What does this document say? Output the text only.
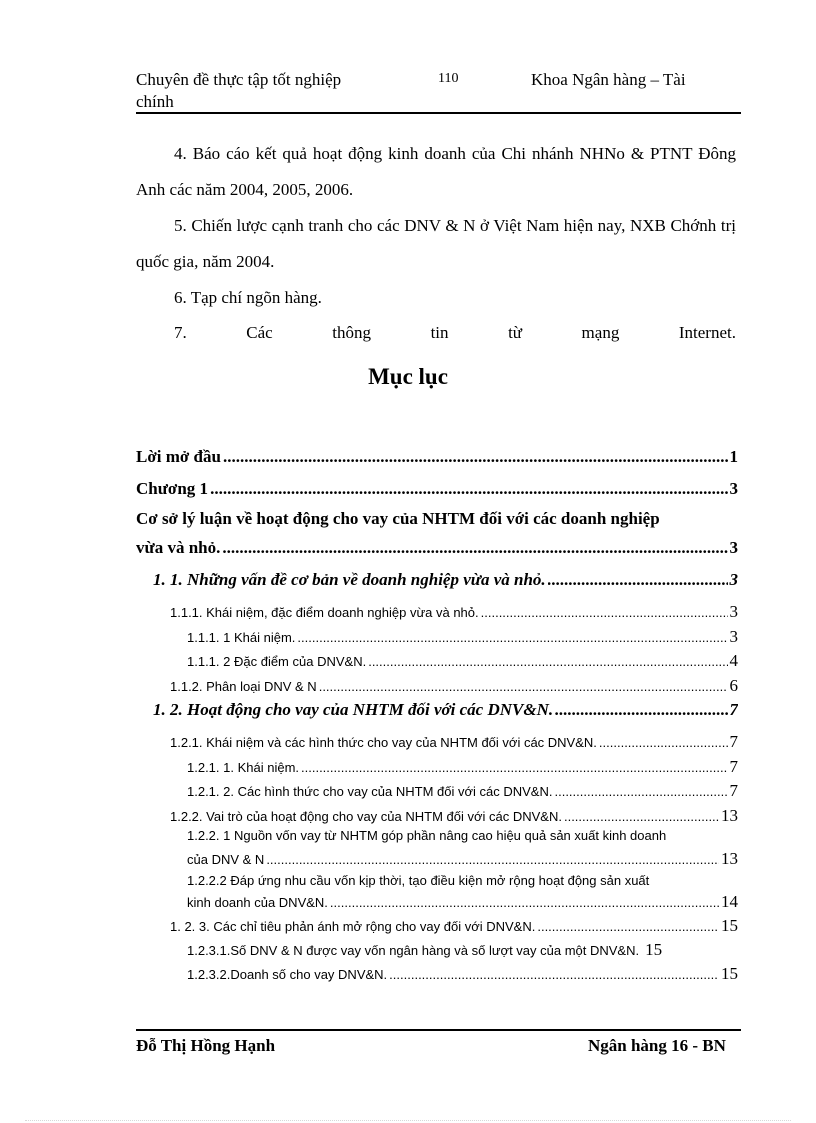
Chuyên đề thực tập tốt nghiệp
chính
110	Khoa Ngân hàng – Tài
4. Báo cáo kết quả hoạt động kinh doanh của Chi nhánh NHNo & PTNT Đông Anh các năm 2004, 2005, 2006.
5. Chiến lược cạnh tranh cho các DNV & N ở Việt Nam hiện nay, NXB Chớnh trị quốc gia, năm 2004.
6. Tạp chí ngõn hàng.
7.	Các	thông	tin	từ	mạng	Internet.
Mục lục
Lời mở đầu .....	1
Chương 1 .....	3
Cơ sở lý luận về hoạt động cho vay của NHTM đối với các doanh nghiệp
vừa và nhỏ. .....	3
1. 1. Những vấn đề cơ bản về doanh nghiệp vừa và nhỏ. .....	3
1.1.1. Khái niệm, đặc điểm doanh nghiệp vừa và nhỏ. .....	3
1.1.1. 1 Khái niệm. .....	3
1.1.1. 2 Đặc điểm của DNV&N. .....	4
1.1.2. Phân loại DNV & N .....	6
1. 2. Hoạt động cho vay của NHTM đối với các DNV&N. .....	7
1.2.1. Khái niệm và các hình thức cho vay của NHTM đối với các DNV&N. .....	7
1.2.1. 1. Khái niệm. .....	7
1.2.1. 2. Các hình thức cho vay của NHTM đối với các DNV&N. .....	7
1.2.2. Vai trò của hoạt động cho vay của NHTM đối với các DNV&N. .....	13
1.2.2. 1 Nguồn vốn vay từ NHTM góp phần nâng cao hiệu quả sản xuất kinh doanh
của DNV & N .....	13
1.2.2.2 Đáp ứng nhu cầu vốn kịp thời, tạo điều kiện mở rộng hoạt động sản xuất
kinh doanh của DNV&N. .....	14
1. 2. 3. Các chỉ tiêu phản ánh mở rộng cho vay đối với DNV&N. .....	15
1.2.3.1.Số DNV & N được vay vốn ngân hàng và số lượt vay của một DNV&N. 15
1.2.3.2.Doanh số cho vay DNV&N. .....	15
Đỗ Thị Hồng Hạnh	Ngân hàng 16 - BN
